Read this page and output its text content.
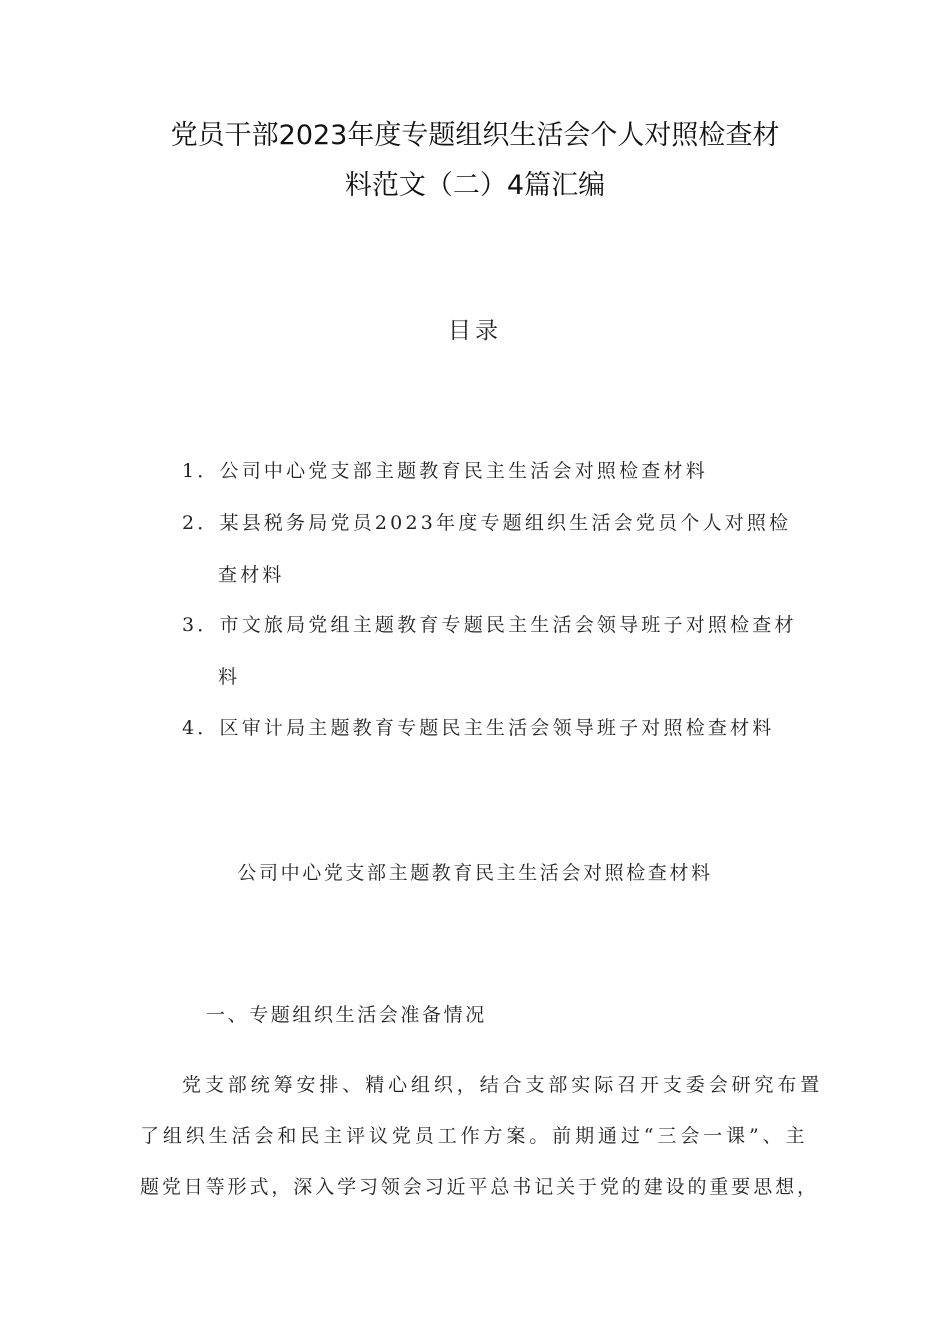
党员干部2023年度专题组织生活会个人对照检查材
料范文（二）4篇汇编
目录
1．公司中心党支部主题教育民主生活会对照检查材料
2．某县税务局党员2023年度专题组织生活会党员个人对照检
查材料
3．市文旅局党组主题教育专题民主生活会领导班子对照检查材
料
4．区审计局主题教育专题民主生活会领导班子对照检查材料
公司中心党支部主题教育民主生活会对照检查材料
一、专题组织生活会准备情况
党支部统筹安排、精心组织，结合支部实际召开支委会研究布置
了组织生活会和民主评议党员工作方案。前期通过“三会一课”、主
题党日等形式，深入学习领会习近平总书记关于党的建设的重要思想，
